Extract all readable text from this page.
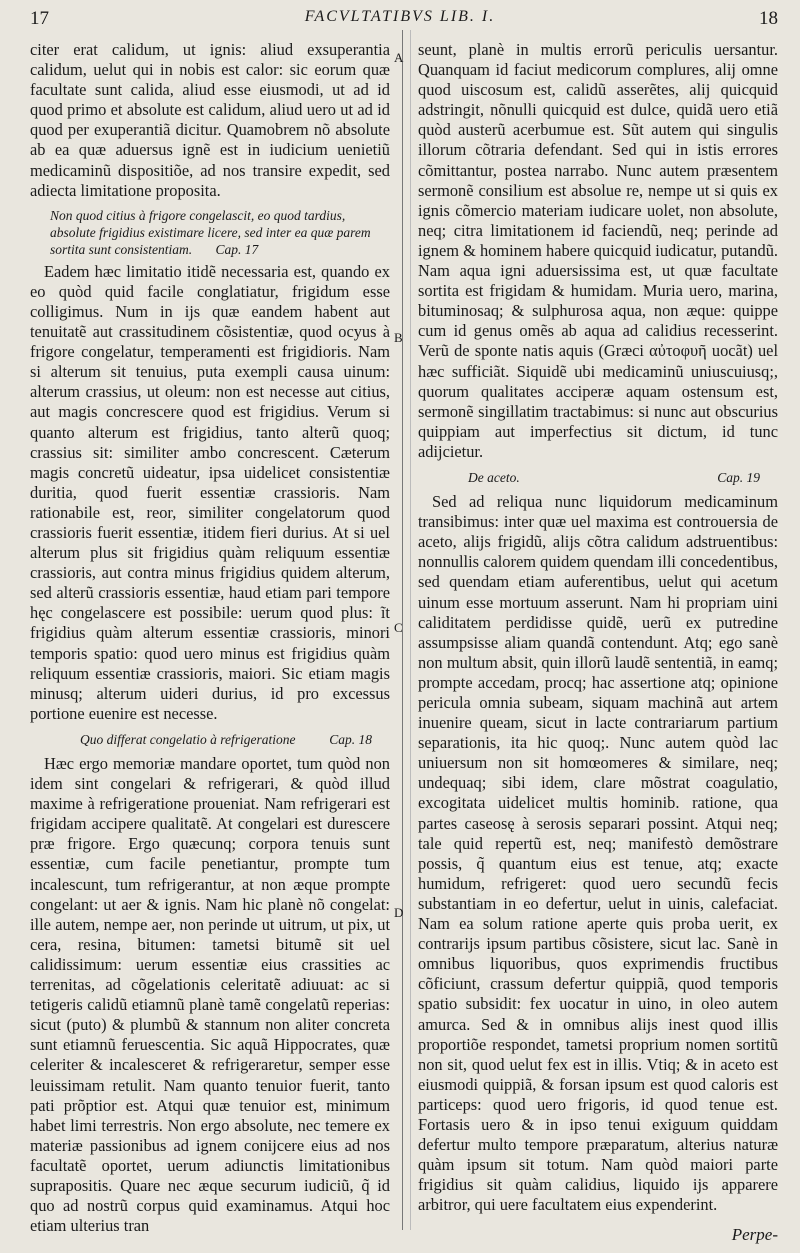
17	FACVLTATIBVS LIB. I.	18
A
B
C
D

citer erat calidum, ut ignis: aliud exsuperantia calidum, uelut qui in nobis est calor: sic eorum quæ facultate sunt calida, aliud esse eiusmodi, ut ad id quod primo et absolute est calidum, aliud uero ut ad id quod per exuperantiã dicitur. Quamobrem nõ absolute ab ea quæ aduersus ignẽ est in iudicium uenietiũ medicaminũ dispositiõe, ad nos transire expedit, sed adiecta limitatione proposita.

Non quod citius à frigore congelascit, eo quod tardius, absolute frigidius existimare licere, sed inter ea quæ parem sortita sunt consistentiam. Cap. 17

Eadem hæc limitatio itidẽ necessaria est, quando ex eo quòd quid facile conglatiatur, frigidum esse colligimus. Num in ijs quæ eandem habent aut tenuitatẽ aut crassitudinem cõsistentiæ, quod ocyus à frigore congelatur, temperamenti est frigidioris. Nam si alterum sit tenuius, puta exempli causa uinum: alterum crassius, ut oleum: non est necesse aut citius, aut magis concrescere quod est frigidius. Verum si quanto alterum est frigidius, tanto alterũ quoq; crassius sit: similiter ambo concrescent. Cæterum magis concretũ uideatur, ipsa uidelicet consistentiæ duritia, quod fuerit essentiæ crassioris. Nam rationabile est, reor, similiter congelatorum quod crassioris fuerit essentiæ, itidem fieri durius. At si uel alterum plus sit frigidius quàm reliquum essentiæ crassioris, aut contra minus frigidius quidem alterum, sed alterũ crassioris essentiæ, haud etiam pari tempore hęc congelascere est possibile: uerum quod plus: ĩt frigidius quàm alterum essentiæ crassioris, minori temporis spatio: quod uero minus est frigidius quàm reliquum essentiæ crassioris, maiori. Sic etiam magis minusq; alterum uideri durius, id pro excessus portione euenire est necesse.

Quo differat congelatio à refrigeratione	Cap. 18

Hæc ergo memoriæ mandare oportet, tum quòd non idem sint congelari & refrigerari, & quòd illud maxime à refrigeratione proueniat. Nam refrigerari est frigidam accipere qualitatẽ. At congelari est durescere præ frigore. Ergo quæcunq; corpora tenuis sunt essentiæ, cum facile penetiantur, prompte tum incalescunt, tum refrigerantur, at non æque prompte congelant: ut aer & ignis. Nam hic planè nõ congelat: ille autem, nempe aer, non perinde ut uitrum, ut pix, ut cera, resina, bitumen: tametsi bitumẽ sit uel calidissimum: uerum essentiæ eius crassities ac terrenitas, ad cõgelationis celeritatẽ adiuuat: ac si tetigeris calidũ etiamnũ planè tamẽ congelatũ reperias: sicut (puto) & plumbũ & stannum non aliter concreta sunt etiamnũ feruescentia. Sic aquã Hippocrates, quæ celeriter & incalesceret & refrigeraretur, semper esse leuissimam retulit. Nam quanto tenuior fuerit, tanto pati prõptior est. Atqui quæ tenuior est, minimum habet limi terrestris. Non ergo absolute, nec temere ex materiæ passionibus ad ignem conijcere eius ad nos facultatẽ oportet, uerum adiunctis limitationibus suprapositis. Quare nec æque securum iudiciũ, q̃ id quo ad nostrũ corpus quid examinamus. Atqui hoc etiam ulterius tran

seunt, planè in multis errorũ periculis uersantur. Quanquam id faciut medicorum complures, alij omne quod uiscosum est, calidũ asserẽtes, alij quicquid adstringit, nõnulli quicquid est dulce, quidã uero etiã quòd austerũ acerbumue est. Sũt autem qui singulis illorum cõtraria defendant. Sed qui in istis errores cõmittantur, postea narrabo. Nunc autem præsentem sermonẽ consilium est absolue re, nempe ut si quis ex ignis cõmercio materiam iudicare uolet, non absolute, neq; citra limitationem id faciendũ, neq; perinde ad ignem & hominem habere quicquid iudicatur, putandũ. Nam aqua igni aduersissima est, ut quæ facultate sortita est frigidam & humidam. Muria uero, marina, bituminosaq; & sulphurosa aqua, non æque: quippe cum id genus omẽs ab aqua ad calidius recesserint. Verũ de sponte natis aquis (Græci αὐτοφυῆ uocãt) uel hæc sufficiãt. Siquidẽ ubi medicaminũ uniuscuiusq;, quorum qualitates acciperæ aquam ostensum est, sermonẽ singillatim tractabimus: si nunc aut obscurius quippiam aut imperfectius sit dictum, id tunc adijcietur.

De aceto.	Cap. 19

Sed ad reliqua nunc liquidorum medicaminum transibimus: inter quæ uel maxima est controuersia de aceto, alijs frigidũ, alijs cõtra calidum adstruentibus: nonnullis calorem quidem quendam illi concedentibus, sed quendam etiam auferentibus, uelut qui acetum uinum esse mortuum asserunt. Nam hi propriam uini caliditatem perdidisse quidẽ, uerũ ex putredine assumpsisse aliam quandã contendunt. Atq; ego sanè non multum absit, quin illorũ laudẽ sententiã, in eamq; prompte accedam, procq; hac assertione atq; opinione pericula omnia subeam, siquam machinã aut artem inuenire queam, sicut in lacte contrariarum partium separationis, ita hic quoq;. Nunc autem quòd lac uniuersum non sit homœomeres & similare, neq; undequaq; sibi idem, clare mõstrat coagulatio, excogitata uidelicet multis hominib. ratione, qua partes caseosę à serosis separari possint. Atqui neq; tale quid repertũ est, neq; manifestò demõstrare possis, q̃ quantum eius est tenue, atq; exacte humidum, refrigeret: quod uero secundũ fecis substantiam in eo defertur, uelut in uinis, calefaciat. Nam ea solum ratione aperte quis proba uerit, ex contrarijs ipsum partibus cõsistere, sicut lac. Sanè in omnibus liquoribus, quos exprimendis fructibus cõficiunt, crassum defertur quippiã, quod temporis spatio subsidit: fex uocatur in uino, in oleo autem amurca. Sed & in omnibus alijs inest quod illis proportiõe respondet, tametsi proprium nomen sortitũ non sit, quod uelut fex est in illis. Vtiq; & in aceto est eiusmodi quippiã, & forsan ipsum est quod caloris est particeps: quod uero frigoris, id quod tenue est. Fortasis uero & in ipso tenui exiguum quiddam defertur multo tempore præparatum, alterius naturæ quàm ipsum sit totum. Nam quòd maiori parte frigidius sit quàm calidius, liquido ijs apparere arbitror, qui uere facultatem eius expenderint.

Perpe-
